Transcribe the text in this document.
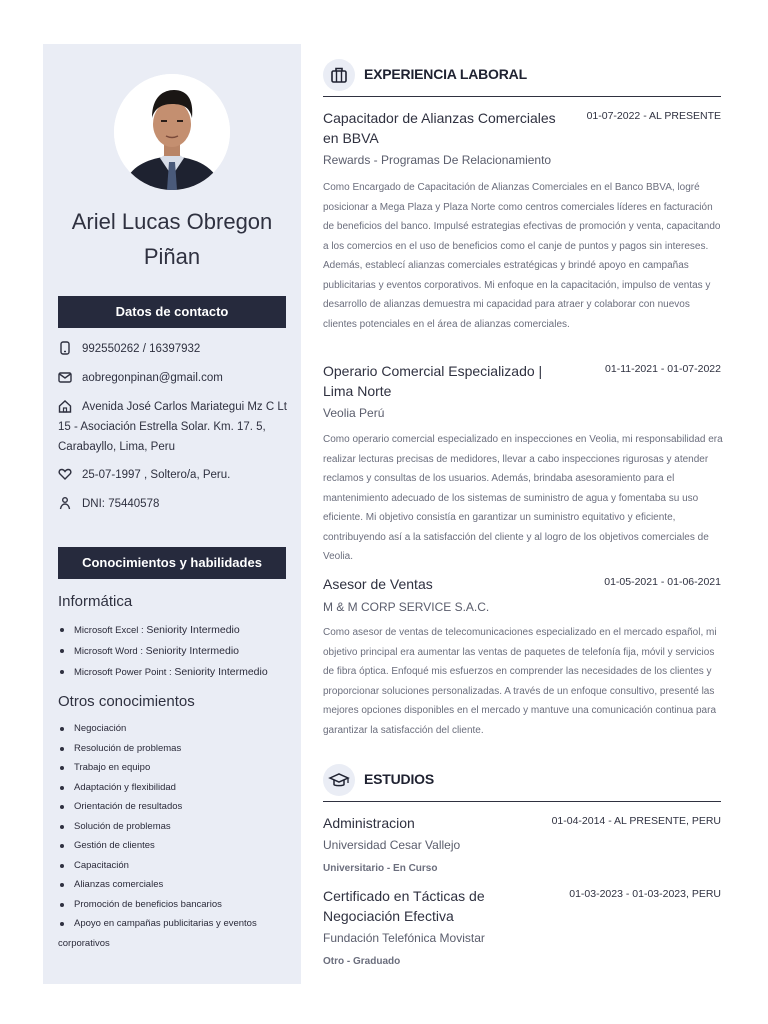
Ariel Lucas Obregon Piñan
Datos de contacto
992550262 / 16397932
aobregonpinan@gmail.com
Avenida José Carlos Mariategui Mz C Lt 15 - Asociación Estrella Solar. Km. 17. 5, Carabayllo, Lima, Peru
25-07-1997 , Soltero/a, Peru.
DNI: 75440578
Conocimientos y habilidades
Informática
Microsoft Excel : Seniority Intermedio
Microsoft Word : Seniority Intermedio
Microsoft Power Point : Seniority Intermedio
Otros conocimientos
Negociación
Resolución de problemas
Trabajo en equipo
Adaptación y flexibilidad
Orientación de resultados
Solución de problemas
Gestión de clientes
Capacitación
Alianzas comerciales
Promoción de beneficios bancarios
Apoyo en campañas publicitarias y eventos corporativos
EXPERIENCIA LABORAL
Capacitador de Alianzas Comerciales en BBVA
01-07-2022 - AL PRESENTE
Rewards - Programas De Relacionamiento

Como Encargado de Capacitación de Alianzas Comerciales en el Banco BBVA, logré posicionar a Mega Plaza y Plaza Norte como centros comerciales líderes en facturación de beneficios del banco. Impulsé estrategias efectivas de promoción y venta, capacitando a los comercios en el uso de beneficios como el canje de puntos y pagos sin intereses. Además, establecí alianzas comerciales estratégicas y brindé apoyo en campañas publicitarias y eventos corporativos. Mi enfoque en la capacitación, impulso de ventas y desarrollo de alianzas demuestra mi capacidad para atraer y colaborar con nuevos clientes potenciales en el área de alianzas comerciales.

Operario Comercial Especializado | Lima Norte
01-11-2021 - 01-07-2022
Veolia Perú

Como operario comercial especializado en inspecciones en Veolia, mi responsabilidad era realizar lecturas precisas de medidores, llevar a cabo inspecciones rigurosas y atender reclamos y consultas de los usuarios. Además, brindaba asesoramiento para el mantenimiento adecuado de los sistemas de suministro de agua y fomentaba su uso eficiente. Mi objetivo consistía en garantizar un suministro equitativo y eficiente, contribuyendo así a la satisfacción del cliente y al logro de los objetivos comerciales de Veolia.

Asesor de Ventas	01-05-2021 - 01-06-2021
M & M CORP SERVICE S.A.C.

Como asesor de ventas de telecomunicaciones especializado en el mercado español, mi objetivo principal era aumentar las ventas de paquetes de telefonía fija, móvil y servicios de fibra óptica. Enfoqué mis esfuerzos en comprender las necesidades de los clientes y proporcionar soluciones personalizadas. A través de un enfoque consultivo, presenté las mejores opciones disponibles en el mercado y mantuve una comunicación continua para garantizar la satisfacción del cliente.

ESTUDIOS
Administracion	01-04-2014 - AL PRESENTE, PERU
Universidad Cesar Vallejo
Universitario - En Curso
Certificado en Tácticas de Negociación Efectiva
01-03-2023 - 01-03-2023, PERU
Fundación Telefónica Movistar
Otro - Graduado
